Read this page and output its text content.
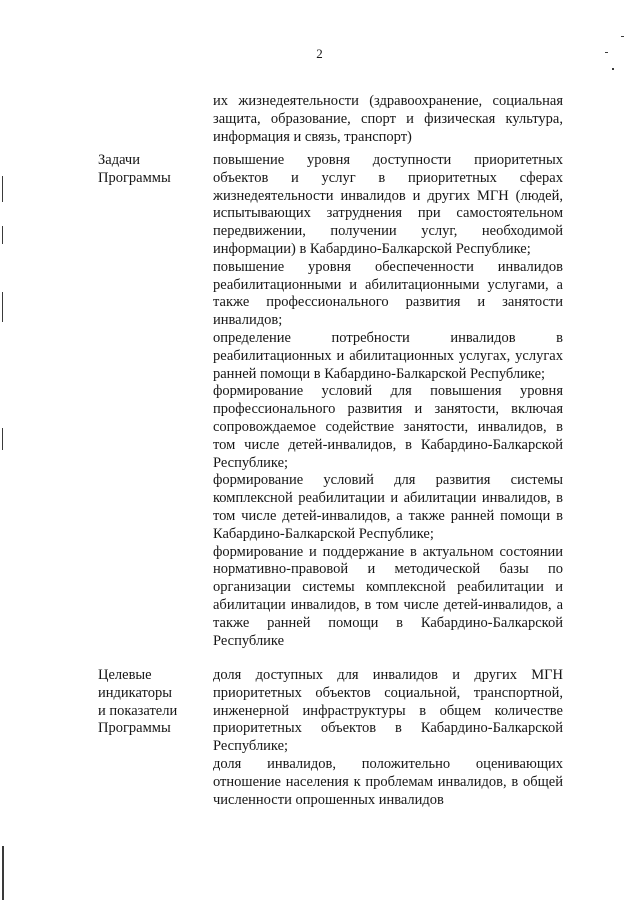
2

их жизнедеятельности (здравоохранение, социальная защита, образование, спорт и физическая культура, информация и связь, транспорт)

Задачи
Программы

повышение уровня доступности приоритетных объектов и услуг в приоритетных сферах жизнедеятельности инвалидов и других МГН (людей, испытывающих затруднения при самостоятельном передвижении, получении услуг, необходимой информации) в Кабардино-Балкарской Республике;

повышение уровня обеспеченности инвалидов реабилитационными и абилитационными услугами, а также профессионального развития и занятости инвалидов;

определение потребности инвалидов в реабилитационных и абилитационных услугах, услугах ранней помощи в Кабардино-Балкарской Республике;

формирование условий для повышения уровня профессионального развития и занятости, включая сопровождаемое содействие занятости, инвалидов, в том числе детей-инвалидов, в Кабардино-Балкарской Республике;

формирование условий для развития системы комплексной реабилитации и абилитации инвалидов, в том числе детей-инвалидов, а также ранней помощи в Кабардино-Балкарской Республике;

формирование и поддержание в актуальном состоянии нормативно-правовой и методической базы по организации системы комплексной реабилитации и абилитации инвалидов, в том числе детей-инвалидов, а также ранней помощи в Кабардино-Балкарской Республике

Целевые
индикаторы
и показатели
Программы

доля доступных для инвалидов и других МГН приоритетных объектов социальной, транспортной, инженерной инфраструктуры в общем количестве приоритетных объектов в Кабардино-Балкарской Республике;

доля инвалидов, положительно оценивающих отношение населения к проблемам инвалидов, в общей численности опрошенных инвалидов
